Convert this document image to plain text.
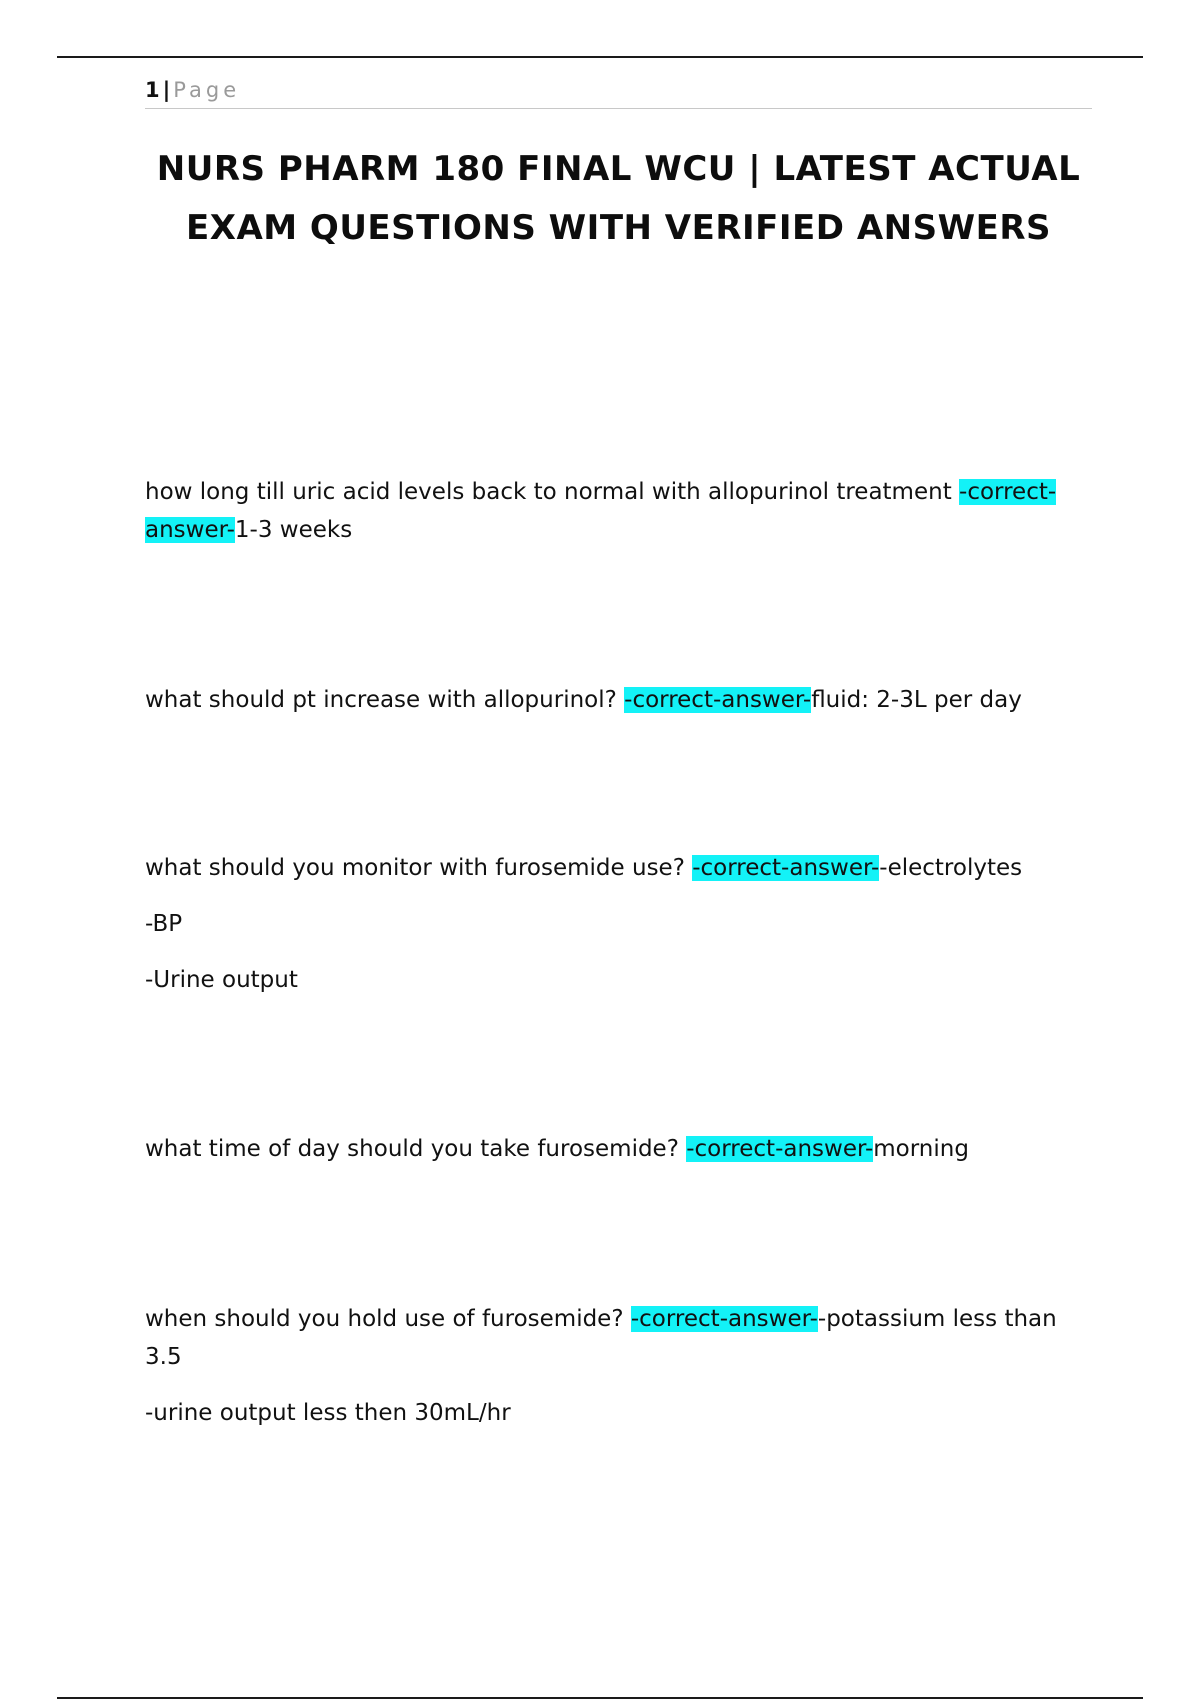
1 | Page
NURS PHARM 180 FINAL WCU | LATEST ACTUAL EXAM QUESTIONS WITH VERIFIED ANSWERS

how long till uric acid levels back to normal with allopurinol treatment -correct-answer-1-3 weeks

what should pt increase with allopurinol? -correct-answer-fluid: 2-3L per day

what should you monitor with furosemide use? -correct-answer--electrolytes

-BP

-Urine output

what time of day should you take furosemide? -correct-answer-morning

when should you hold use of furosemide? -correct-answer--potassium less than 3.5

-urine output less then 30mL/hr
